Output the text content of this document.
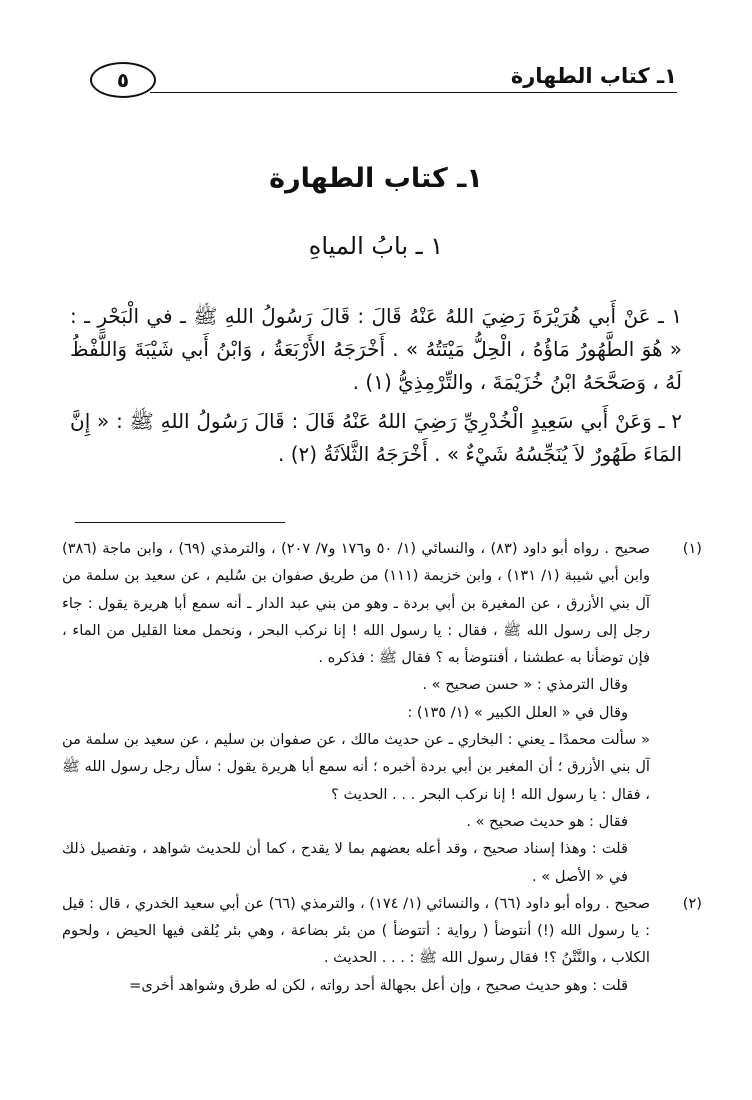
١ـ كتاب الطهارة
٥
١ـ كتاب الطهارة
١ ـ بابُ المياهِ

١ ـ عَنْ أَبي هُرَيْرَةَ رَضِيَ اللهُ عَنْهُ قَالَ : قَالَ رَسُولُ اللهِ ﷺ ـ في الْبَحْرِ ـ : « هُوَ الطَّهُورُ مَاؤُهُ ، الْحِلُّ مَيْتَتُهُ » . أَخْرَجَهُ الأَرْبَعَةُ ، وَابْنُ أَبي شَيْبَةَ وَاللَّفْظُ لَهُ ، وَصَحَّحَهُ ابْنُ خُزَيْمَةَ ، والتِّرْمِذِيُّ (١) .

٢ ـ وَعَنْ أَبي سَعِيدٍ الْخُدْرِيِّ رَضِيَ اللهُ عَنْهُ قَالَ : قَالَ رَسُولُ اللهِ ﷺ : « إِنَّ المَاءَ طَهُورٌ لاَ يُنَجِّسُهُ شَيْءٌ » . أَخْرَجَهُ الثَّلاَثَةُ (٢) .

(١)

صحيح . رواه أبو داود (٨٣) ، والنسائي (١/ ٥٠ و١٧٦ و٧/ ٢٠٧) ، والترمذي (٦٩) ، وابن ماجة (٣٨٦) وابن أبي شيبة (١/ ١٣١) ، وابن خزيمة (١١١) من طريق صفوان بن سُليم ، عن سعيد بن سلمة من آل بني الأزرق ، عن المغيرة بن أبي بردة ـ وهو من بني عبد الدار ـ أنه سمع أبا هريرة يقول : جاء رجل إلى رسول الله ﷺ ، فقال : يا رسول الله ! إنا نركب البحر ، ونحمل معنا القليل من الماء ، فإن توضأنا به عطشنا ، أفنتوضأ به ؟ فقال ﷺ : فذكره .

وقال الترمذي : « حسن صحيح » .

وقال في « العلل الكبير » (١/ ١٣٥) :

« سألت محمدًا ـ يعني : البخاري ـ عن حديث مالك ، عن صفوان بن سليم ، عن سعيد بن سلمة من آل بني الأزرق ؛ أن المغير بن أبي بردة أخبره ؛ أنه سمع أبا هريرة يقول : سأل رجل رسول الله ﷺ ، فقال : يا رسول الله ! إنا نركب البحر . . . الحديث ؟

فقال : هو حديث صحيح » .

قلت : وهذا إسناد صحيح ، وقد أعله بعضهم بما لا يقدح ، كما أن للحديث شواهد ، وتفصيل ذلك في « الأصل » .

(٢)

صحيح . رواه أبو داود (٦٦) ، والنسائي (١/ ١٧٤) ، والترمذي (٦٦) عن أبي سعيد الخدري ، قال : قيل : يا رسول الله (!) أنتوضأ ( رواية : أتتوضأ ) من بئر بضاعة ، وهي بئر يُلقى فيها الحيض ، ولحوم الكلاب ، والنَّتْنُ ؟! فقال رسول الله ﷺ : . . . الحديث .

قلت : وهو حديث صحيح ، وإن أعل بجهالة أحد رواته ، لكن له طرق وشواهد أخرى=
